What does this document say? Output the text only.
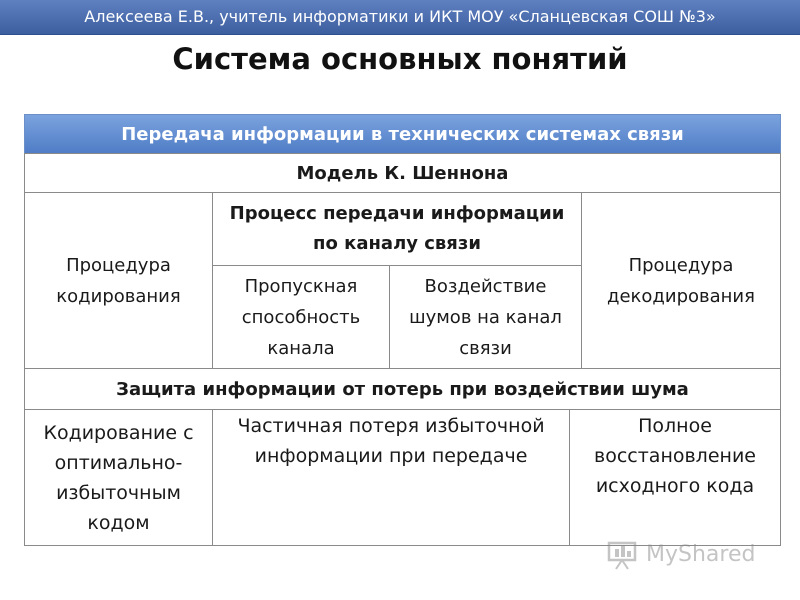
Алексеева Е.В., учитель информатики и ИКТ МОУ «Сланцевская СОШ №3»
Система основных понятий
Передача информации в технических системах связи
Модель К. Шеннона
Процедура кодирования
Процесс передачи информации по каналу связи
Пропускная способность канала
Воздействие шумов на канал связи
Процедура декодирования
Защита информации от потерь при воздействии шума
Кодирование с оптимально-избыточным кодом
Частичная потеря избыточной информации при передаче
Полное восстановление исходного кода
MyShared
